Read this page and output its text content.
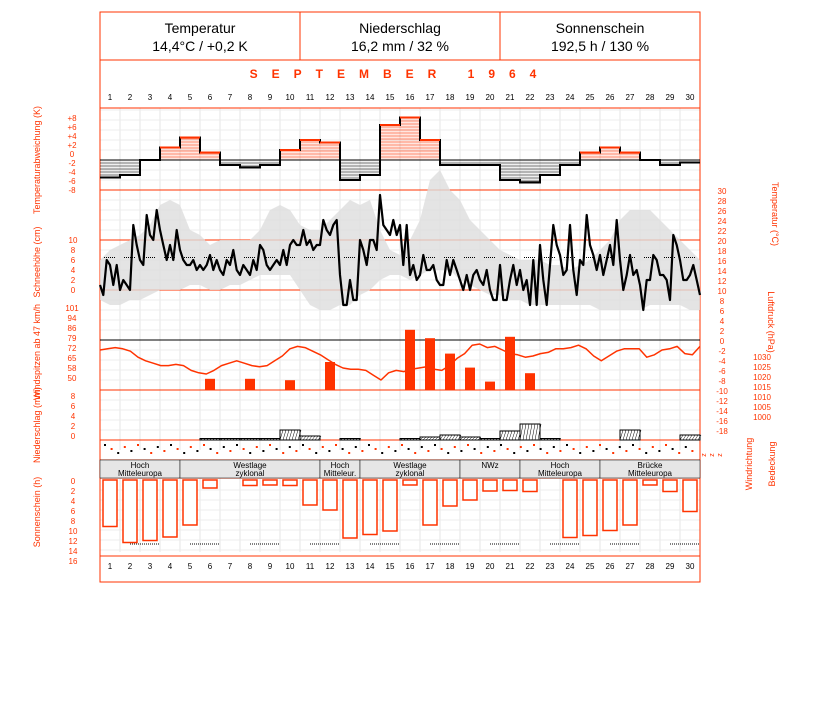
Temperatur
14,4°C / +0,2 K
Niederschlag
16,2 mm / 32 %
Sonnenschein
192,5 h / 130 %
SEPTEMBER 1964
1
1
2
2
3
3
4
4
5
5
6
6
7
7
8
8
9
9
10
10
11
11
12
12
13
13
14
14
15
15
16
16
17
17
18
18
19
19
20
20
21
21
22
22
23
23
24
24
25
25
26
26
27
27
28
28
29
29
30
30
+8
+6
+4
+2
0
-2
-4
-6
-8	30
28
26
24
22
20
18
16
14
12
10
8
6
4
2
0
-2
-4
-6
-8
-10
-12
-14
-16
-18
10
8
6
4
2
0
101
94
86
79
72
65
58
50
1030
1025
1020
1015
1010
1005
1000
8
6
4
2
0
z z z
Hoch Mitteleuropa
Westlage zyklonal
Hoch Mitteleur.
Westlage zyklonal
NWz	Hoch Mitteleuropa
Brücke Mitteleuropa
0
2
4
6
8
10
12
14
16
Temperaturabweichung (K)
Schneehöhe (cm)
Windspitzen ab 47 km/h
Niederschlag (mm)
Sonnenschein (h)
Temperatur (°C)
Luftdruck (hPa)
Windrichtung Bedeckung
